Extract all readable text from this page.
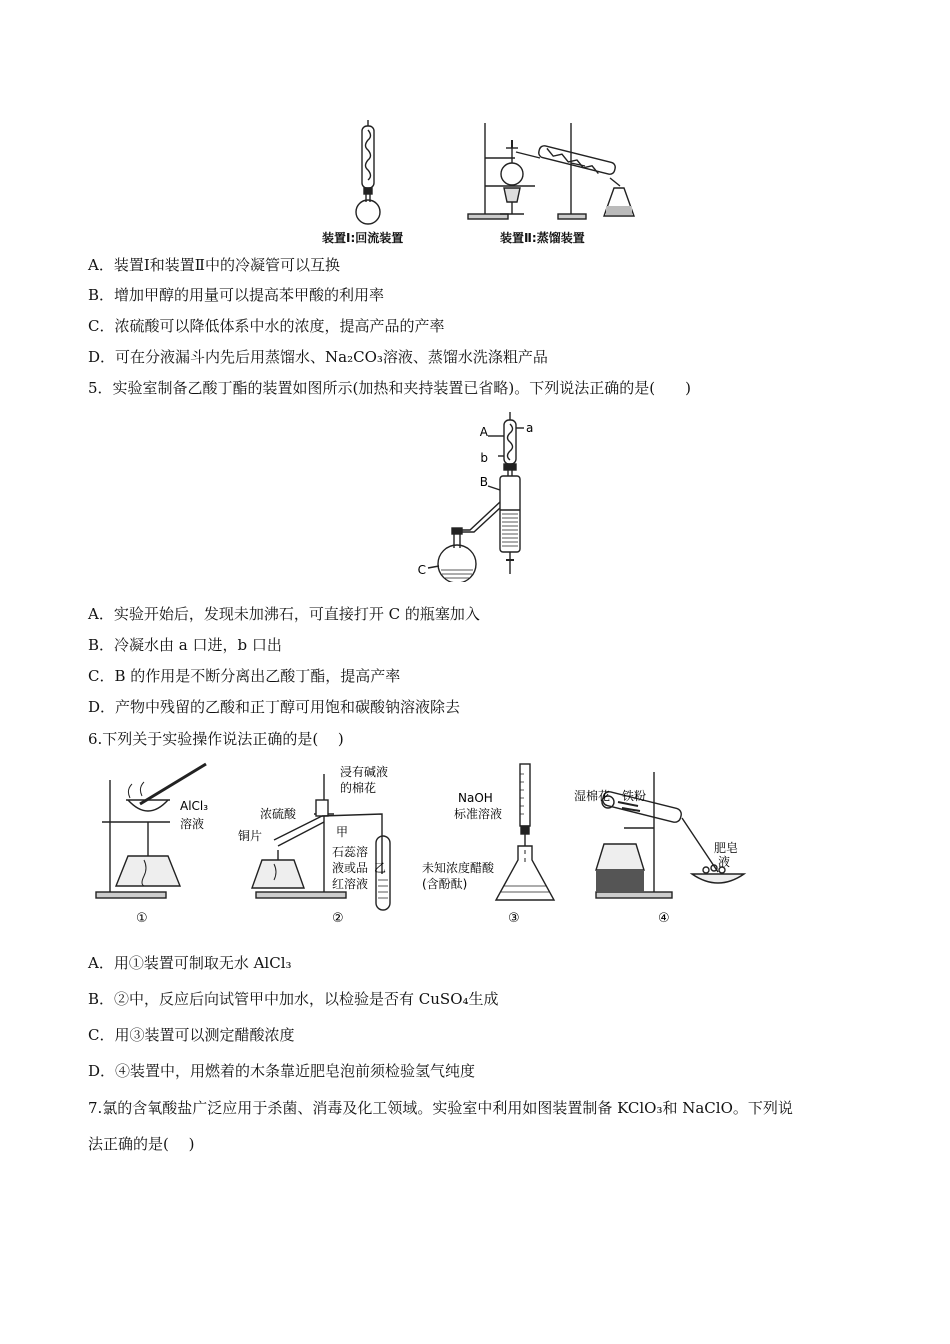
装置Ⅰ:回流装置	装置Ⅱ:蒸馏装置
A．装置Ⅰ和装置Ⅱ中的冷凝管可以互换
B．增加甲醇的用量可以提高苯甲酸的利用率
C．浓硫酸可以降低体系中水的浓度，提高产品的产率
D．可在分液漏斗内先后用蒸馏水、Na₂CO₃溶液、蒸馏水洗涤粗产品
5．实验室制备乙酸丁酯的装置如图所示(加热和夹持装置已省略)。下列说法正确的是(　　)
A	a
b
B
C
A．实验开始后，发现未加沸石，可直接打开 C 的瓶塞加入
B．冷凝水由 a 口进，b 口出
C．B 的作用是不断分离出乙酸丁酯，提高产率
D．产物中残留的乙酸和正丁醇可用饱和碳酸钠溶液除去
6.下列关于实验操作说法正确的是(　 )
AlCl₃
溶液
①
浸有碱液
的棉花
浓硫酸
铜片	甲
石蕊溶
液或品
红溶液
乙
②
NaOH
标准溶液
未知浓度醋酸
(含酚酞)
③
湿棉花 铁粉
肥皂
液
④
A．用①装置可制取无水 AlCl₃
B．②中，反应后向试管甲中加水，以检验是否有 CuSO₄生成
C．用③装置可以测定醋酸浓度
D．④装置中，用燃着的木条靠近肥皂泡前须检验氢气纯度
7.氯的含氧酸盐广泛应用于杀菌、消毒及化工领域。实验室中利用如图装置制备 KClO₃和 NaClO。下列说
法正确的是(　 )
